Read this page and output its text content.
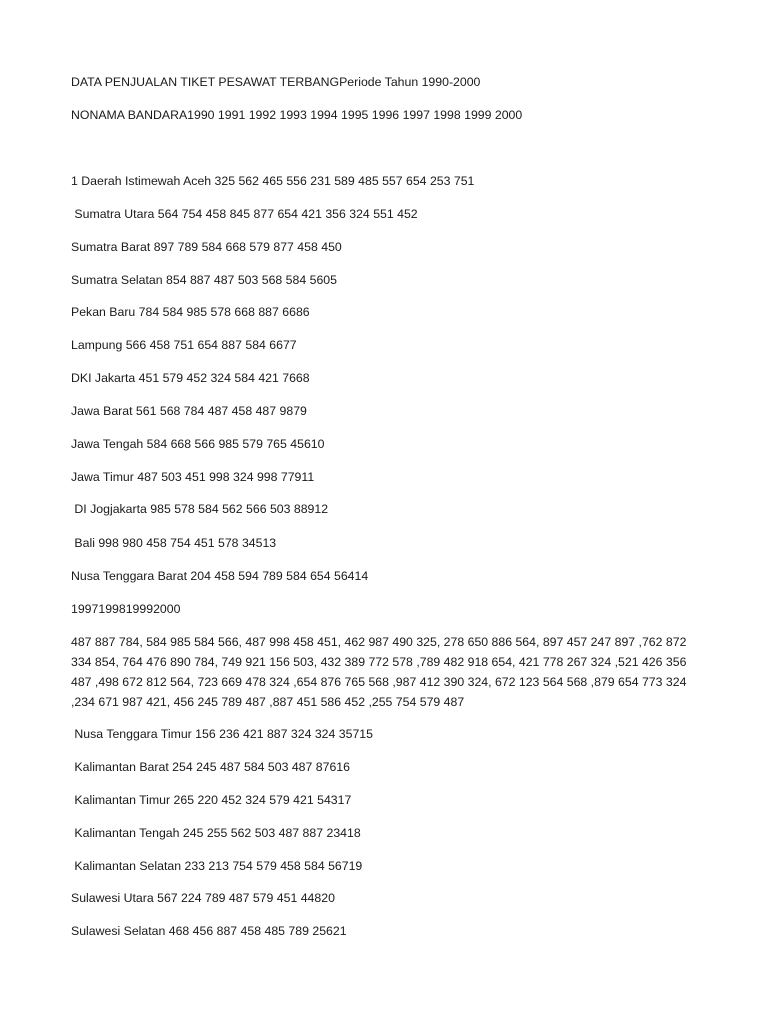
DATA PENJUALAN TIKET PESAWAT TERBANGPeriode Tahun 1990-2000
NONAMA BANDARA1990 1991 1992 1993 1994 1995 1996 1997 1998 1999 2000
1 Daerah Istimewah Aceh 325 562 465 556 231 589 485 557 654 253 751
Sumatra Utara 564 754 458 845 877 654 421 356 324 551 452
Sumatra Barat 897 789 584 668 579 877 458 450
Sumatra Selatan 854 887 487 503 568 584 5605
Pekan Baru 784 584 985 578 668 887 6686
Lampung 566 458 751 654 887 584 6677
DKI Jakarta 451 579 452 324 584 421 7668
Jawa Barat 561 568 784 487 458 487 9879
Jawa Tengah 584 668 566 985 579 765 45610
Jawa Timur 487 503 451 998 324 998 77911
DI Jogjakarta 985 578 584 562 566 503 88912
Bali 998 980 458 754 451 578 34513
Nusa Tenggara Barat 204 458 594 789 584 654 56414
1997199819992000
487 887 784, 584 985 584 566, 487 998 458 451, 462 987 490 325, 278 650 886 564, 897 457 247 897 ,762 872 334 854, 764 476 890 784, 749 921 156 503, 432 389 772 578 ,789 482 918 654, 421 778 267 324 ,521 426 356 487 ,498 672 812 564, 723 669 478 324 ,654 876 765 568 ,987 412 390 324, 672 123 564 568 ,879 654 773 324 ,234 671 987 421, 456 245 789 487 ,887 451 586 452 ,255 754 579 487
Nusa Tenggara Timur 156 236 421 887 324 324 35715
Kalimantan Barat 254 245 487 584 503 487 87616
Kalimantan Timur 265 220 452 324 579 421 54317
Kalimantan Tengah 245 255 562 503 487 887 23418
Kalimantan Selatan 233 213 754 579 458 584 56719
Sulawesi Utara 567 224 789 487 579 451 44820
Sulawesi Selatan 468 456 887 458 485 789 25621
